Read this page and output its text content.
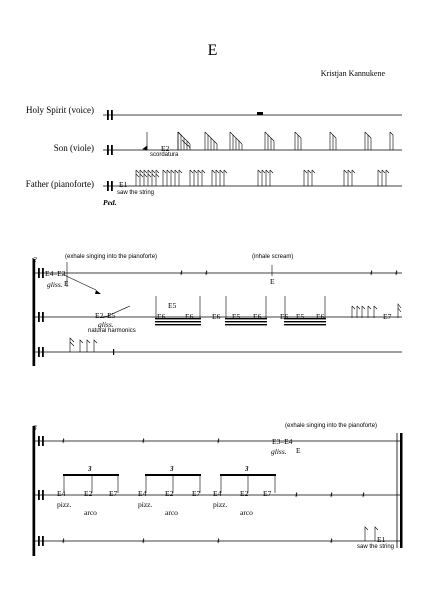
E
Kristjan Kannukene
Holy Spirit (voice)
Son (viole)
Father (pianoforte)
𝄽 𝄽	𝄽 𝄽
𝄽	𝄽	𝄽
𝄽	𝄽	𝄽
𝄽	𝄽	𝄽
𝄽
E1
saw the string
Ped.
E2
scordatura
2	(exhale singing into the pianoforte)
E4–E3
E
gliss.
(inhale scream)
E
E2–E5
gliss.
natural harmonics
E6
E5
E6 E6 E5 E6 E6 E5 E6	E7
3	(exhale singing into the pianoforte)
E3–E4
gliss. E
3	3	3
E4 E2 E7	E4 E2 E7 E4 E2 E7
pizz.
arco
pizz.
arco
pizz.
arco
E1
saw the string
